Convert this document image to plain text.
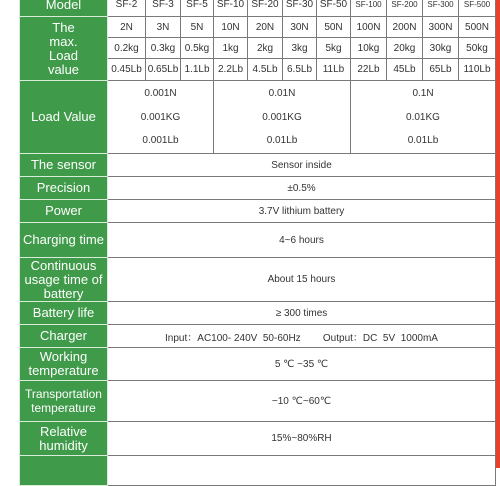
Model	SF-2	SF-3	SF-5	SF-10	SF-20	SF-30	SF-50	SF-100	SF-200	SF-300	SF-500
The
max.
Load
value	2N	3N	5N	10N	20N	30N	50N	100N	200N	300N	500N
	0.2kg	0.3kg	0.5kg	1kg	2kg	3kg	5kg	10kg	20kg	30kg	50kg
	0.45Lb	0.65Lb	1.1Lb	2.2Lb	4.5Lb	6.5Lb	11Lb	22Lb	45Lb	65Lb	110Lb
Load Value	0.001N			0.01N				0.1N			
	0.001KG			0.001KG				0.01KG			
	0.001Lb			0.01Lb				0.01Lb			
The sensor	Sensor inside										
Precision	±0.5%										
Power	3.7V lithium battery										
Charging time	4~6 hours										
Continuous usage time of battery	About 15 hours										
Battery life	≥ 300 times										
Charger	Input：AC100- 240V  50-60Hz        Output：DC  5V  1000mA										
Working temperature	5 ℃ ~35 ℃										
Transportation temperature	−10 ℃~60℃										
Relative humidity	15%~80%RH										
